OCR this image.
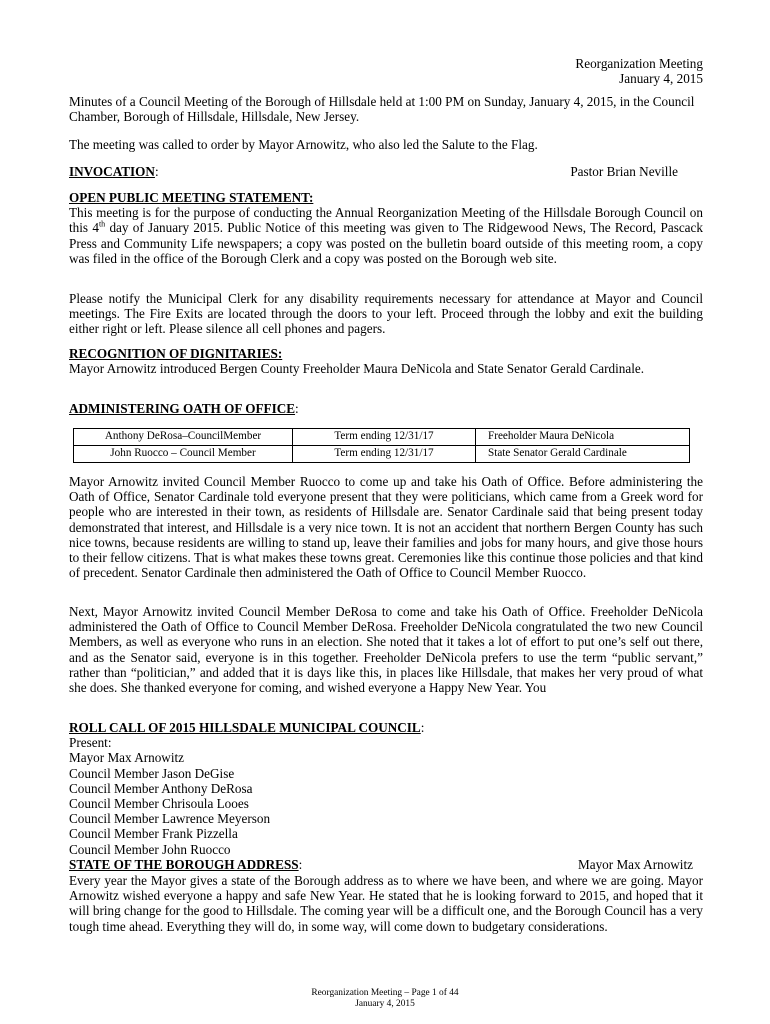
Reorganization Meeting
January 4, 2015

Minutes of a Council Meeting of the Borough of Hillsdale held at 1:00 PM on Sunday, January 4, 2015, in the Council Chamber, Borough of Hillsdale, Hillsdale, New Jersey.

The meeting was called to order by Mayor Arnowitz, who also led the Salute to the Flag.

INVOCATION:	Pastor Brian Neville
OPEN PUBLIC MEETING STATEMENT:

This meeting is for the purpose of conducting the Annual Reorganization Meeting of the Hillsdale Borough Council on this 4th day of January 2015. Public Notice of this meeting was given to The Ridgewood News, The Record, Pascack Press and Community Life newspapers; a copy was posted on the bulletin board outside of this meeting room, a copy was filed in the office of the Borough Clerk and a copy was posted on the Borough web site.

Please notify the Municipal Clerk for any disability requirements necessary for attendance at Mayor and Council meetings. The Fire Exits are located through the doors to your left. Proceed through the lobby and exit the building either right or left. Please silence all cell phones and pagers.

RECOGNITION OF DIGNITARIES:

Mayor Arnowitz introduced Bergen County Freeholder Maura DeNicola and State Senator Gerald Cardinale.

ADMINISTERING OATH OF OFFICE:
Anthony DeRosa–CouncilMember	Term ending 12/31/17	Freeholder Maura DeNicola
John Ruocco – Council Member	Term ending 12/31/17	State Senator Gerald Cardinale

Mayor Arnowitz invited Council Member Ruocco to come up and take his Oath of Office. Before administering the Oath of Office, Senator Cardinale told everyone present that they were politicians, which came from a Greek word for people who are interested in their town, as residents of Hillsdale are. Senator Cardinale said that being present today demonstrated that interest, and Hillsdale is a very nice town. It is not an accident that northern Bergen County has such nice towns, because residents are willing to stand up, leave their families and jobs for many hours, and give those hours to their fellow citizens. That is what makes these towns great. Ceremonies like this continue those policies and that kind of precedent. Senator Cardinale then administered the Oath of Office to Council Member Ruocco.

Next, Mayor Arnowitz invited Council Member DeRosa to come and take his Oath of Office. Freeholder DeNicola administered the Oath of Office to Council Member DeRosa. Freeholder DeNicola congratulated the two new Council Members, as well as everyone who runs in an election. She noted that it takes a lot of effort to put one’s self out there, and as the Senator said, everyone is in this together. Freeholder DeNicola prefers to use the term “public servant,” rather than “politician,” and added that it is days like this, in places like Hillsdale, that makes her very proud of what she does. She thanked everyone for coming, and wished everyone a Happy New Year. You

ROLL CALL OF 2015 HILLSDALE MUNICIPAL COUNCIL:
Present:
Mayor Max Arnowitz
Council Member Jason DeGise
Council Member Anthony DeRosa
Council Member Chrisoula Looes
Council Member Lawrence Meyerson
Council Member Frank Pizzella
Council Member John Ruocco
STATE OF THE BOROUGH ADDRESS:	Mayor Max Arnowitz

Every year the Mayor gives a state of the Borough address as to where we have been, and where we are going. Mayor Arnowitz wished everyone a happy and safe New Year. He stated that he is looking forward to 2015, and hoped that it will bring change for the good to Hillsdale. The coming year will be a difficult one, and the Borough Council has a very tough time ahead. Everything they will do, in some way, will come down to budgetary considerations.

Reorganization Meeting – Page 1 of 44
January 4, 2015
